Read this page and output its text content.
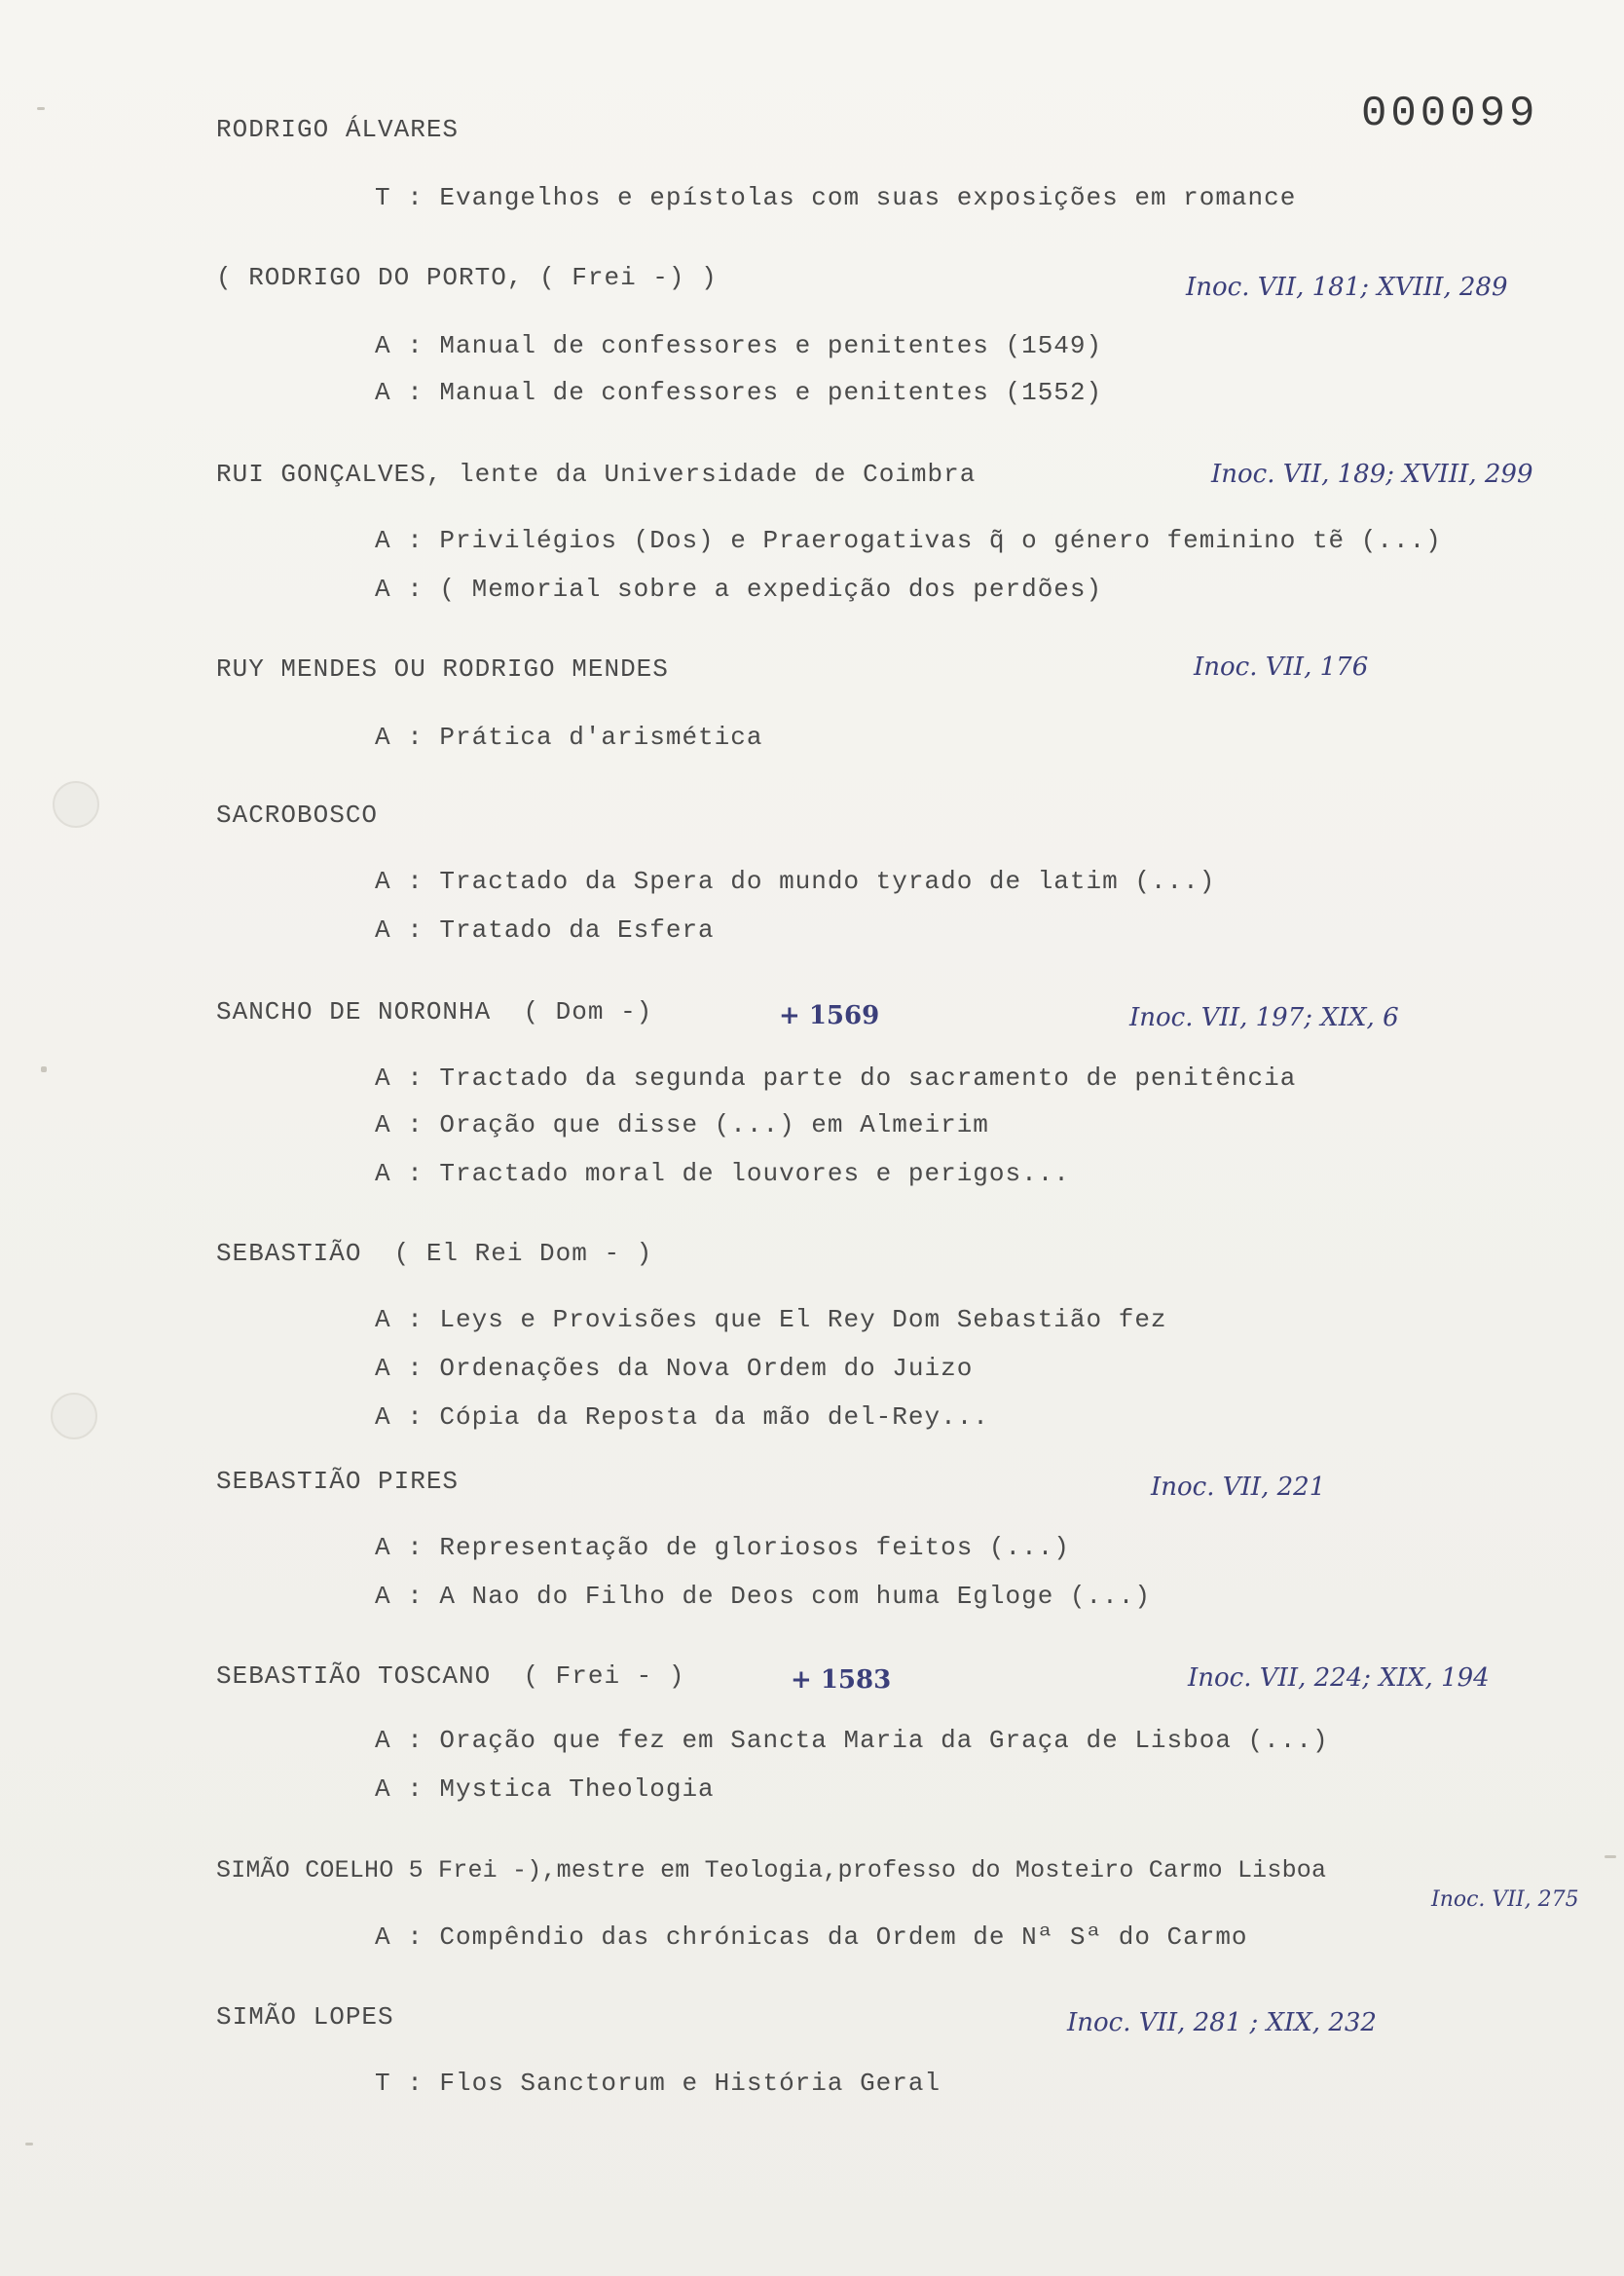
000099
RODRIGO ÁLVARES
T : Evangelhos e epístolas com suas exposições em romance
( RODRIGO DO PORTO, ( Frei -) )	Inoc. VII, 181; XVIII, 289
A : Manual de confessores e penitentes (1549)
A : Manual de confessores e penitentes (1552)
RUI GONÇALVES, lente da Universidade de Coimbra	Inoc. VII, 189; XVIII, 299
A : Privilégios (Dos) e Praerogativas q̃ o género feminino tẽ (...)
A : ( Memorial sobre a expedição dos perdões)
RUY MENDES OU RODRIGO MENDES	Inoc. VII, 176
A : Prática d'arismética
SACROBOSCO
A : Tractado da Spera do mundo tyrado de latim (...)
A : Tratado da Esfera
SANCHO DE NORONHA  ( Dom -)	+ 1569	Inoc. VII, 197; XIX, 6
A : Tractado da segunda parte do sacramento de penitência
A : Oração que disse (...) em Almeirim
A : Tractado moral de louvores e perigos...
SEBASTIÃO  ( El Rei Dom - )
A : Leys e Provisões que El Rey Dom Sebastião fez
A : Ordenações da Nova Ordem do Juizo
A : Cópia da Reposta da mão del-Rey...
SEBASTIÃO PIRES	Inoc. VII, 221
A : Representação de gloriosos feitos (...)
A : A Nao do Filho de Deos com huma Egloge (...)
SEBASTIÃO TOSCANO  ( Frei - )	+ 1583	Inoc. VII, 224; XIX, 194
A : Oração que fez em Sancta Maria da Graça de Lisboa (...)
A : Mystica Theologia
SIMÃO COELHO 5 Frei -),mestre em Teologia,professo do Mosteiro Carmo Lisboa
Inoc. VII, 275
A : Compêndio das chrónicas da Ordem de Nª Sª do Carmo
SIMÃO LOPES	Inoc. VII, 281 ; XIX, 232
T : Flos Sanctorum e História Geral
